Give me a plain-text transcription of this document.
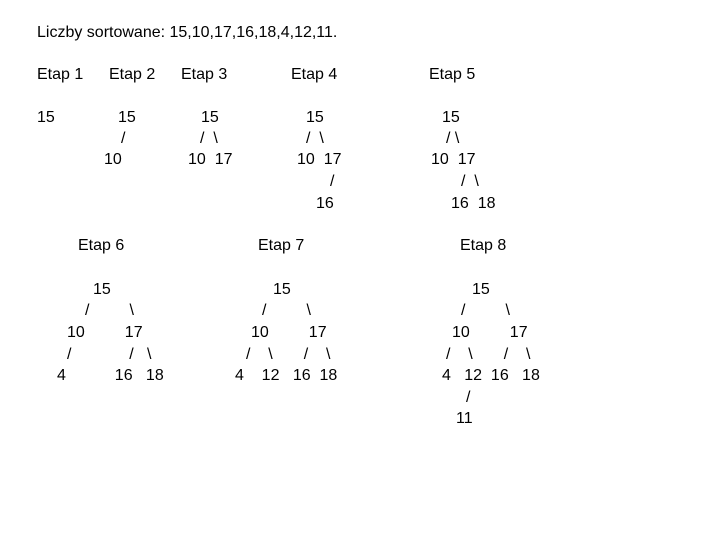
Liczby sortowane: 15,10,17,16,18,4,12,11.
Etap 1 Etap 2 Etap 3	Etap 4	Etap 5
Etap 6	Etap 7	Etap 8
15	15
/
10
15
/  \
10  17
15
/  \
10  17
/
16
15
/ \
10  17
/  \
16  18
15
/         \
10         17
/             /   \
4           16   18
15
/         \
10         17
/    \       /    \
4    12   16  18
15
/         \
10         17
/    \       /    \
4   12  16   18
/
11
